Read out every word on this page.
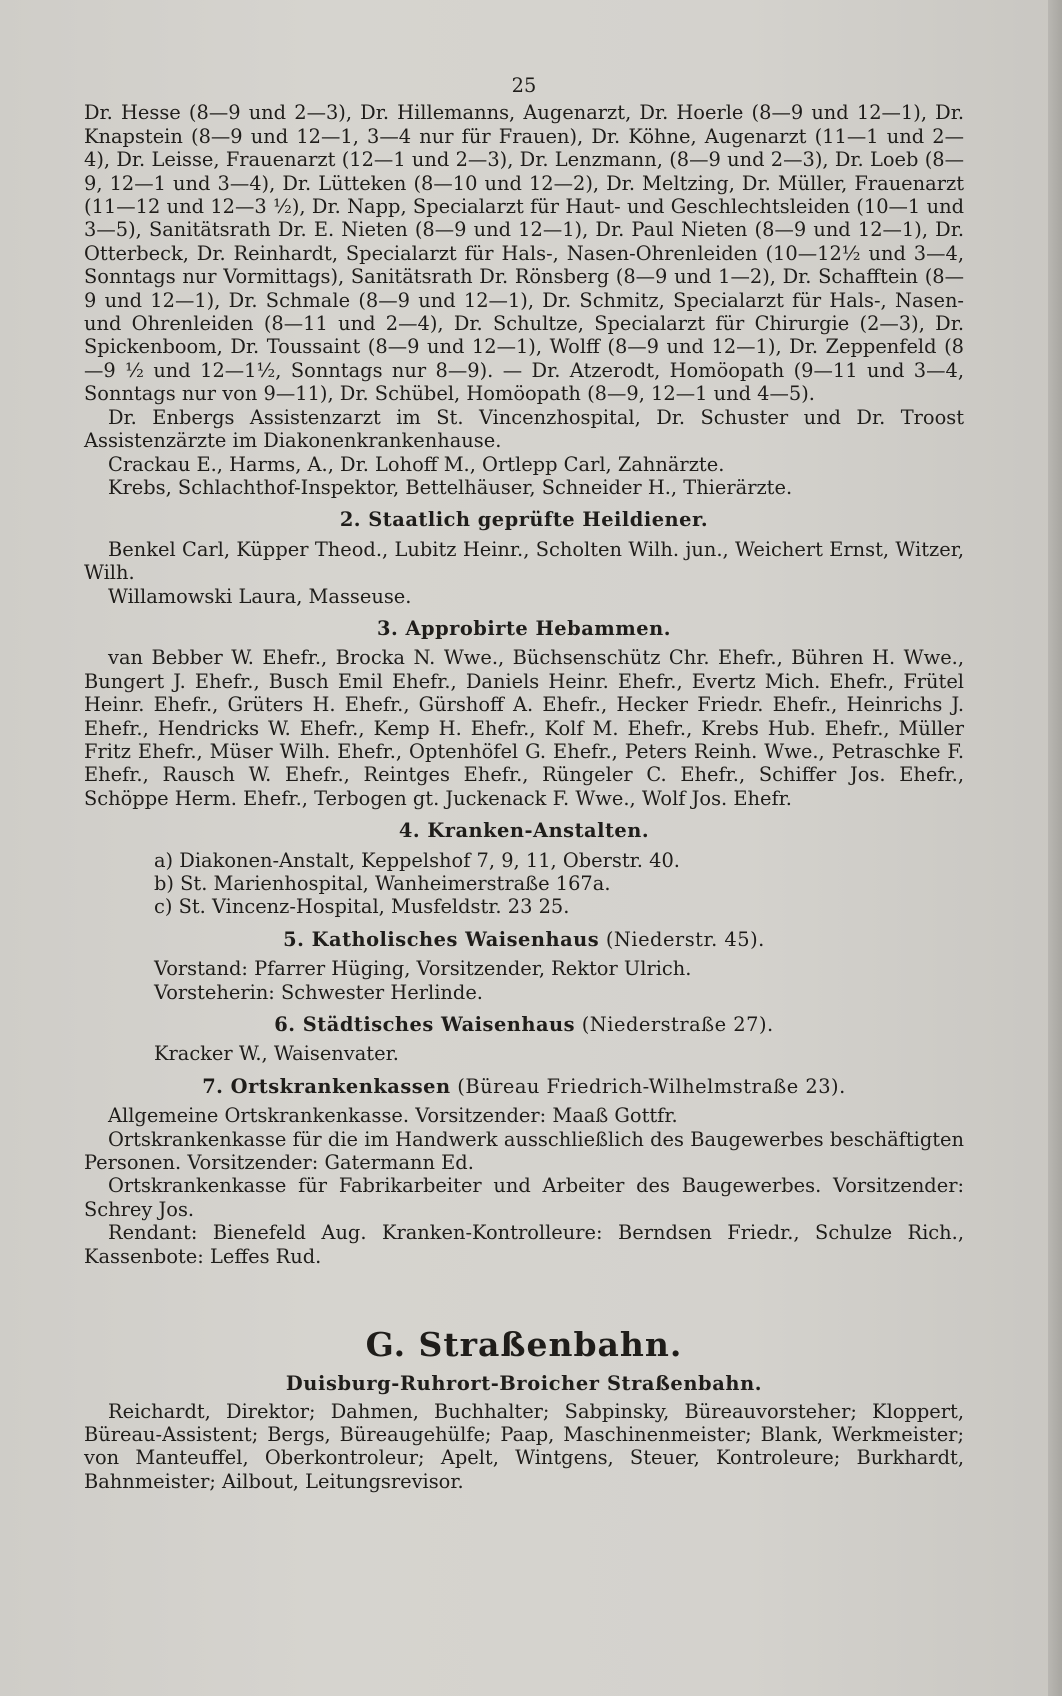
25

Dr. Hesse (8—9 und 2—3), Dr. Hillemanns, Augenarzt, Dr. Hoerle (8—9 und 12—1), Dr. Knapstein (8—9 und 12—1, 3—4 nur für Frauen), Dr. Köhne, Augenarzt (11—1 und 2—4), Dr. Leisse, Frauenarzt (12—1 und 2—3), Dr. Lenzmann, (8—9 und 2—3), Dr. Loeb (8—9, 12—1 und 3—4), Dr. Lütteken (8—10 und 12—2), Dr. Meltzing, Dr. Müller, Frauenarzt (11—12 und 12—3 ½), Dr. Napp, Specialarzt für Haut- und Geschlechtsleiden (10—1 und 3—5), Sanitätsrath Dr. E. Nieten (8—9 und 12—1), Dr. Paul Nieten (8—9 und 12—1), Dr. Otterbeck, Dr. Reinhardt, Specialarzt für Hals-, Nasen-Ohrenleiden (10—12½ und 3—4, Sonntags nur Vormittags), Sanitätsrath Dr. Rönsberg (8—9 und 1—2), Dr. Schafftein (8—9 und 12—1), Dr. Schmale (8—9 und 12—1), Dr. Schmitz, Specialarzt für Hals-, Nasen- und Ohrenleiden (8—11 und 2—4), Dr. Schultze, Specialarzt für Chirurgie (2—3), Dr. Spickenboom, Dr. Toussaint (8—9 und 12—1), Wolff (8—9 und 12—1), Dr. Zeppenfeld (8—9 ½ und 12—1½, Sonntags nur 8—9). — Dr. Atzerodt, Homöopath (9—11 und 3—4, Sonntags nur von 9—11), Dr. Schübel, Homöopath (8—9, 12—1 und 4—5).

Dr. Enbergs Assistenzarzt im St. Vincenzhospital, Dr. Schuster und Dr. Troost Assistenzärzte im Diakonenkrankenhause.

Crackau E., Harms, A., Dr. Lohoff M., Ortlepp Carl, Zahnärzte.

Krebs, Schlachthof-Inspektor, Bettelhäuser, Schneider H., Thierärzte.

2. Staatlich geprüfte Heildiener.

Benkel Carl, Küpper Theod., Lubitz Heinr., Scholten Wilh. jun., Weichert Ernst, Witzer, Wilh.

Willamowski Laura, Masseuse.

3. Approbirte Hebammen.

van Bebber W. Ehefr., Brocka N. Wwe., Büchsenschütz Chr. Ehefr., Bühren H. Wwe., Bungert J. Ehefr., Busch Emil Ehefr., Daniels Heinr. Ehefr., Evertz Mich. Ehefr., Frütel Heinr. Ehefr., Grüters H. Ehefr., Gürshoff A. Ehefr., Hecker Friedr. Ehefr., Heinrichs J. Ehefr., Hendricks W. Ehefr., Kemp H. Ehefr., Kolf M. Ehefr., Krebs Hub. Ehefr., Müller Fritz Ehefr., Müser Wilh. Ehefr., Optenhöfel G. Ehefr., Peters Reinh. Wwe., Petraschke F. Ehefr., Rausch W. Ehefr., Reintges Ehefr., Rüngeler C. Ehefr., Schiffer Jos. Ehefr., Schöppe Herm. Ehefr., Terbogen gt. Juckenack F. Wwe., Wolf Jos. Ehefr.

4. Kranken-Anstalten.
a) Diakonen-Anstalt, Keppelshof 7, 9, 11, Oberstr. 40.
b) St. Marienhospital, Wanheimerstraße 167a.
c) St. Vincenz-Hospital, Musfeldstr. 23 25.
5. Katholisches Waisenhaus (Niederstr. 45).
Vorstand: Pfarrer Hüging, Vorsitzender, Rektor Ulrich.
Vorsteherin: Schwester Herlinde.
6. Städtisches Waisenhaus (Niederstraße 27).
Kracker W., Waisenvater.
7. Ortskrankenkassen (Büreau Friedrich-Wilhelmstraße 23).

Allgemeine Ortskrankenkasse. Vorsitzender: Maaß Gottfr.

Ortskrankenkasse für die im Handwerk ausschließlich des Baugewerbes beschäftigten Personen. Vorsitzender: Gatermann Ed.

Ortskrankenkasse für Fabrikarbeiter und Arbeiter des Baugewerbes. Vorsitzender: Schrey Jos.

Rendant: Bienefeld Aug. Kranken-Kontrolleure: Berndsen Friedr., Schulze Rich., Kassenbote: Leffes Rud.

G. Straßenbahn.
Duisburg-Ruhrort-Broicher Straßenbahn.

Reichardt, Direktor; Dahmen, Buchhalter; Sabpinsky, Büreauvorsteher; Kloppert, Büreau-Assistent; Bergs, Büreaugehülfe; Paap, Maschinenmeister; Blank, Werkmeister; von Manteuffel, Oberkontroleur; Apelt, Wintgens, Steuer, Kontroleure; Burkhardt, Bahnmeister; Ailbout, Leitungsrevisor.
